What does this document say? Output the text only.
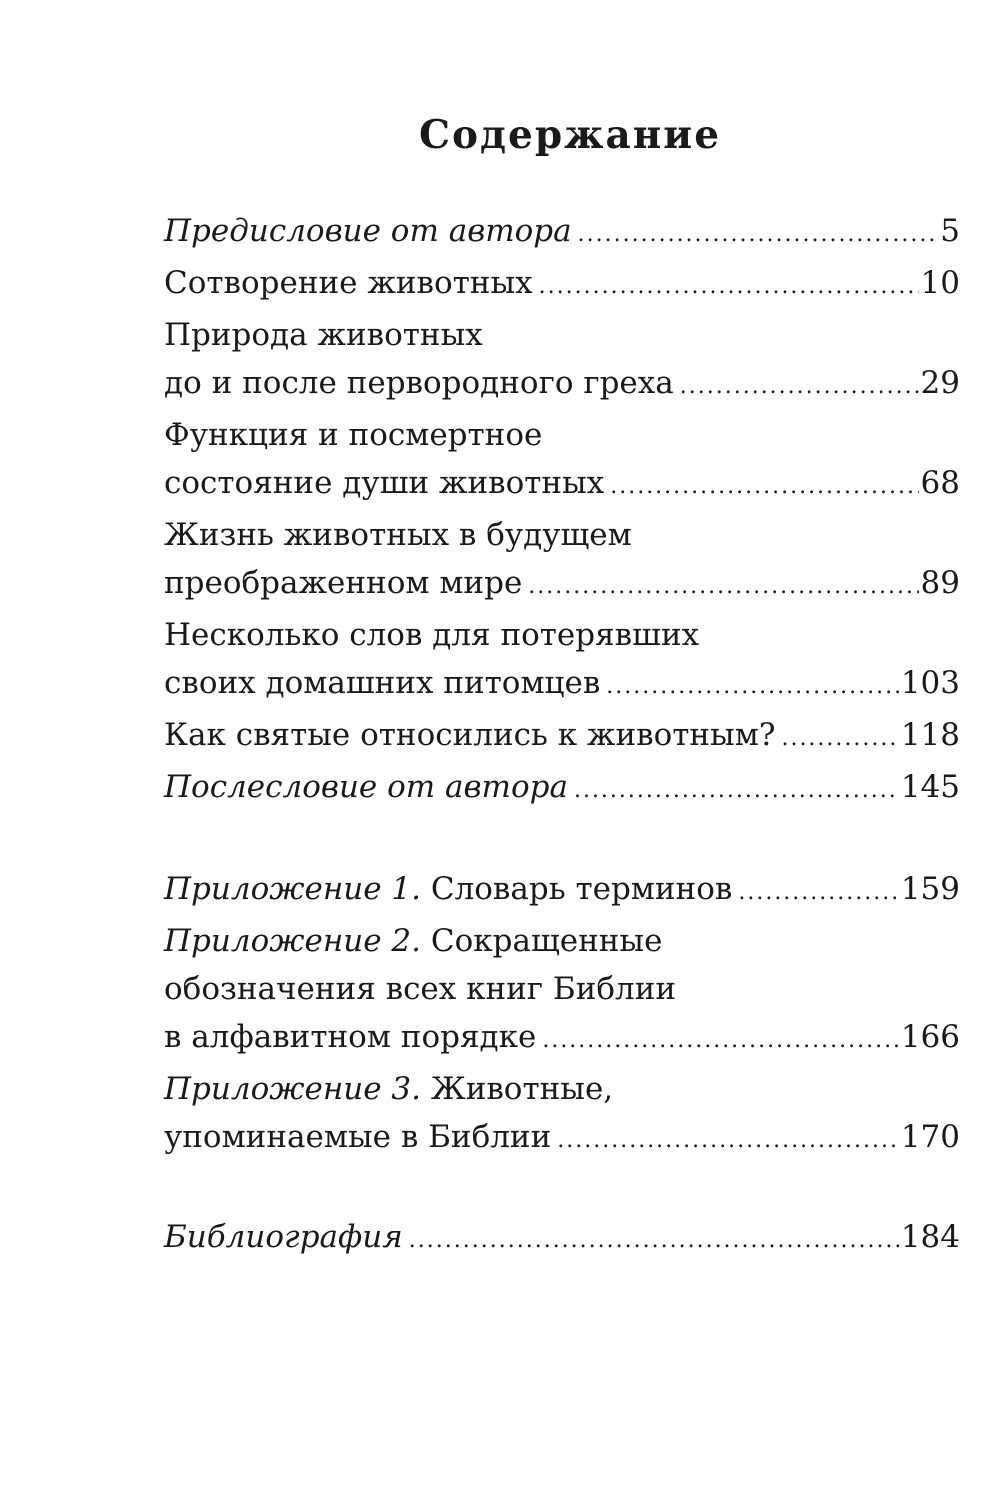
Содержание
Предисловие от автора .....	5
Сотворение животных .....	10
Природа животных
до и после первородного греха .....	29
Функция и посмертное
состояние души животных .....	68
Жизнь животных в будущем
преображенном мире .....	89
Несколько слов для потерявших
своих домашних питомцев .....	103
Как святые относились к животным? .....	118
Послесловие от автора .....	145
Приложение 1. Словарь терминов .....	159
Приложение 2. Сокращенные
обозначения всех книг Библии
в алфавитном порядке .....	166
Приложение 3. Животные,
упоминаемые в Библии .....	170
Библиография .....	184
